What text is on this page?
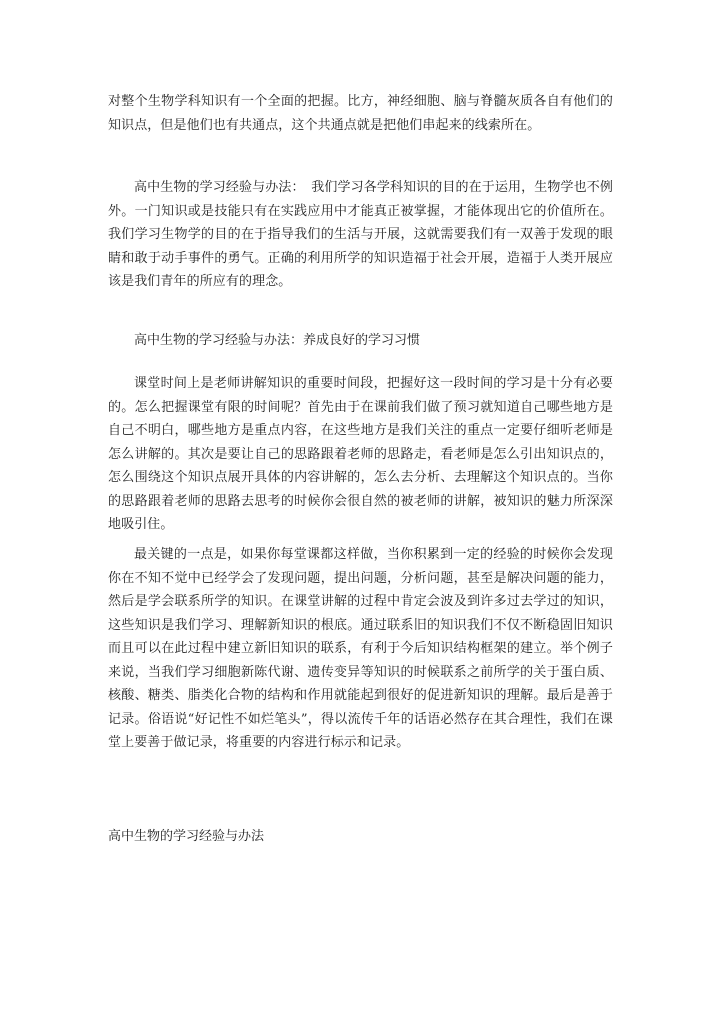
对整个生物学科知识有一个全面的把握。比方，神经细胞、脑与脊髓灰质各自有他们的知识点，但是他们也有共通点，这个共通点就是把他们串起来的线索所在。

高中生物的学习经验与办法：　我们学习各学科知识的目的在于运用，生物学也不例外。一门知识或是技能只有在实践应用中才能真正被掌握，才能体现出它的价值所在。我们学习生物学的目的在于指导我们的生活与开展，这就需要我们有一双善于发现的眼睛和敢于动手事件的勇气。正确的利用所学的知识造福于社会开展，造福于人类开展应该是我们青年的所应有的理念。

高中生物的学习经验与办法：养成良好的学习习惯

课堂时间上是老师讲解知识的重要时间段，把握好这一段时间的学习是十分有必要的。怎么把握课堂有限的时间呢？首先由于在课前我们做了预习就知道自己哪些地方是自己不明白，哪些地方是重点内容，在这些地方是我们关注的重点一定要仔细听老师是怎么讲解的。其次是要让自己的思路跟着老师的思路走，看老师是怎么引出知识点的，怎么围绕这个知识点展开具体的内容讲解的，怎么去分析、去理解这个知识点的。当你的思路跟着老师的思路去思考的时候你会很自然的被老师的讲解，被知识的魅力所深深地吸引住。

最关键的一点是，如果你每堂课都这样做，当你积累到一定的经验的时候你会发现你在不知不觉中已经学会了发现问题，提出问题，分析问题，甚至是解决问题的能力，然后是学会联系所学的知识。在课堂讲解的过程中肯定会波及到许多过去学过的知识，这些知识是我们学习、理解新知识的根底。通过联系旧的知识我们不仅不断稳固旧知识而且可以在此过程中建立新旧知识的联系，有利于今后知识结构框架的建立。举个例子来说，当我们学习细胞新陈代谢、遗传变异等知识的时候联系之前所学的关于蛋白质、核酸、糖类、脂类化合物的结构和作用就能起到很好的促进新知识的理解。最后是善于记录。俗语说“好记性不如烂笔头”，得以流传千年的话语必然存在其合理性，我们在课堂上要善于做记录，将重要的内容进行标示和记录。

高中生物的学习经验与办法
